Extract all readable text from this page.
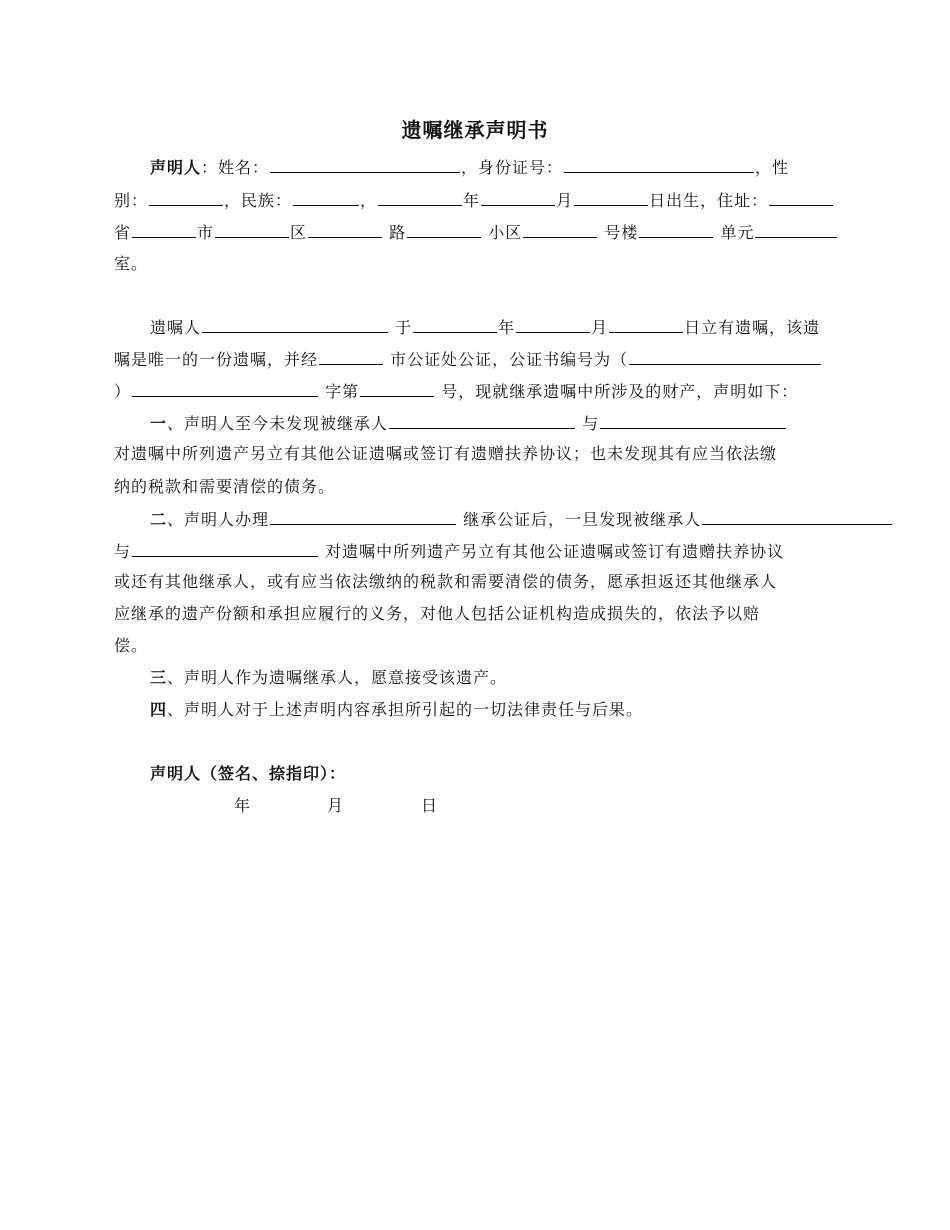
遗嘱继承声明书
声明人：姓名：	，身份证号：	，性
别：	，民族：	，	年	月	日出生，住址：
省	市	区	路	小区	号楼	单元
室。
遗嘱人	于	年	月	日立有遗嘱，该遗
嘱是唯一的一份遗嘱，并经	市公证处公证，公证书编号为（
）	字第	号，现就继承遗嘱中所涉及的财产，声明如下：
一、声明人至今未发现被继承人	与
对遗嘱中所列遗产另立有其他公证遗嘱或签订有遗赠扶养协议；也未发现其有应当依法缴
纳的税款和需要清偿的债务。
二、声明人办理	继承公证后，一旦发现被继承人
与	对遗嘱中所列遗产另立有其他公证遗嘱或签订有遗赠扶养协议
或还有其他继承人，或有应当依法缴纳的税款和需要清偿的债务，愿承担返还其他继承人
应继承的遗产份额和承担应履行的义务，对他人包括公证机构造成损失的，依法予以赔
偿。
三、声明人作为遗嘱继承人，愿意接受该遗产。
四、声明人对于上述声明内容承担所引起的一切法律责任与后果。
声明人（签名、捺指印）：
年	月	日
